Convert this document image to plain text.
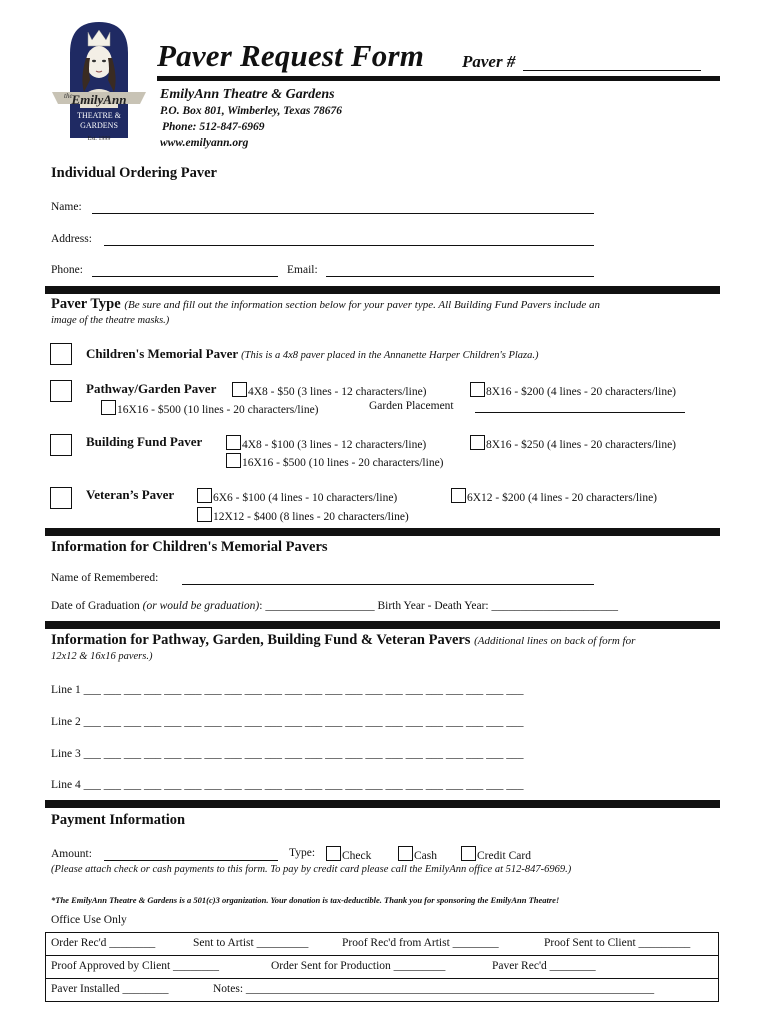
the
EmilyAnn
THEATRE &
GARDENS
Est. 1999
Paver Request Form Paver #
EmilyAnn Theatre & Gardens
P.O. Box 801, Wimberley, Texas 78676
Phone: 512-847-6969
www.emilyann.org
Individual Ordering Paver
Name:
Address:
Phone:	Email:
Paver Type (Be sure and fill out the information section below for your paver type. All Building Fund Pavers include an
image of the theatre masks.)
Children's Memorial Paver (This is a 4x8 paver placed in the Annanette Harper Children's Plaza.)
Pathway/Garden Paver	4X8 - $50 (3 lines - 12 characters/line)	8X16 - $200 (4 lines - 20 characters/line)
16X16 - $500 (10 lines - 20 characters/line)	Garden Placement
Building Fund Paver	4X8 - $100 (3 lines - 12 characters/line)	8X16 - $250 (4 lines - 20 characters/line)
16X16 - $500 (10 lines - 20 characters/line)
Veteran’s Paver	6X6 - $100 (4 lines - 10 characters/line)	6X12 - $200 (4 lines - 20 characters/line)
12X12 - $400 (8 lines - 20 characters/line)
Information for Children's Memorial Pavers
Name of Remembered:
Date of Graduation (or would be graduation): ___________________ Birth Year - Death Year: ______________________
Information for Pathway, Garden, Building Fund & Veteran Pavers (Additional lines on back of form for
12x12 & 16x16 pavers.)
Line 1 ___ ___ ___ ___ ___ ___ ___ ___ ___ ___ ___ ___ ___ ___ ___ ___ ___ ___ ___ ___ ___ ___
Line 2 ___ ___ ___ ___ ___ ___ ___ ___ ___ ___ ___ ___ ___ ___ ___ ___ ___ ___ ___ ___ ___ ___
Line 3 ___ ___ ___ ___ ___ ___ ___ ___ ___ ___ ___ ___ ___ ___ ___ ___ ___ ___ ___ ___ ___ ___
Line 4 ___ ___ ___ ___ ___ ___ ___ ___ ___ ___ ___ ___ ___ ___ ___ ___ ___ ___ ___ ___ ___ ___
Payment Information
Amount:	Type:	Check	Cash	Credit Card
(Please attach check or cash payments to this form. To pay by credit card please call the EmilyAnn office at 512-847-6969.)
*The EmilyAnn Theatre & Gardens is a 501(c)3 organization. Your donation is tax-deductible. Thank you for sponsoring the EmilyAnn Theatre!
Office Use Only
Order Rec'd ________	Sent to Artist _________	Proof Rec'd from Artist ________	Proof Sent to Client _________
Proof Approved by Client ________	Order Sent for Production _________	Paver Rec'd ________
Paver Installed ________	Notes: _______________________________________________________________________
